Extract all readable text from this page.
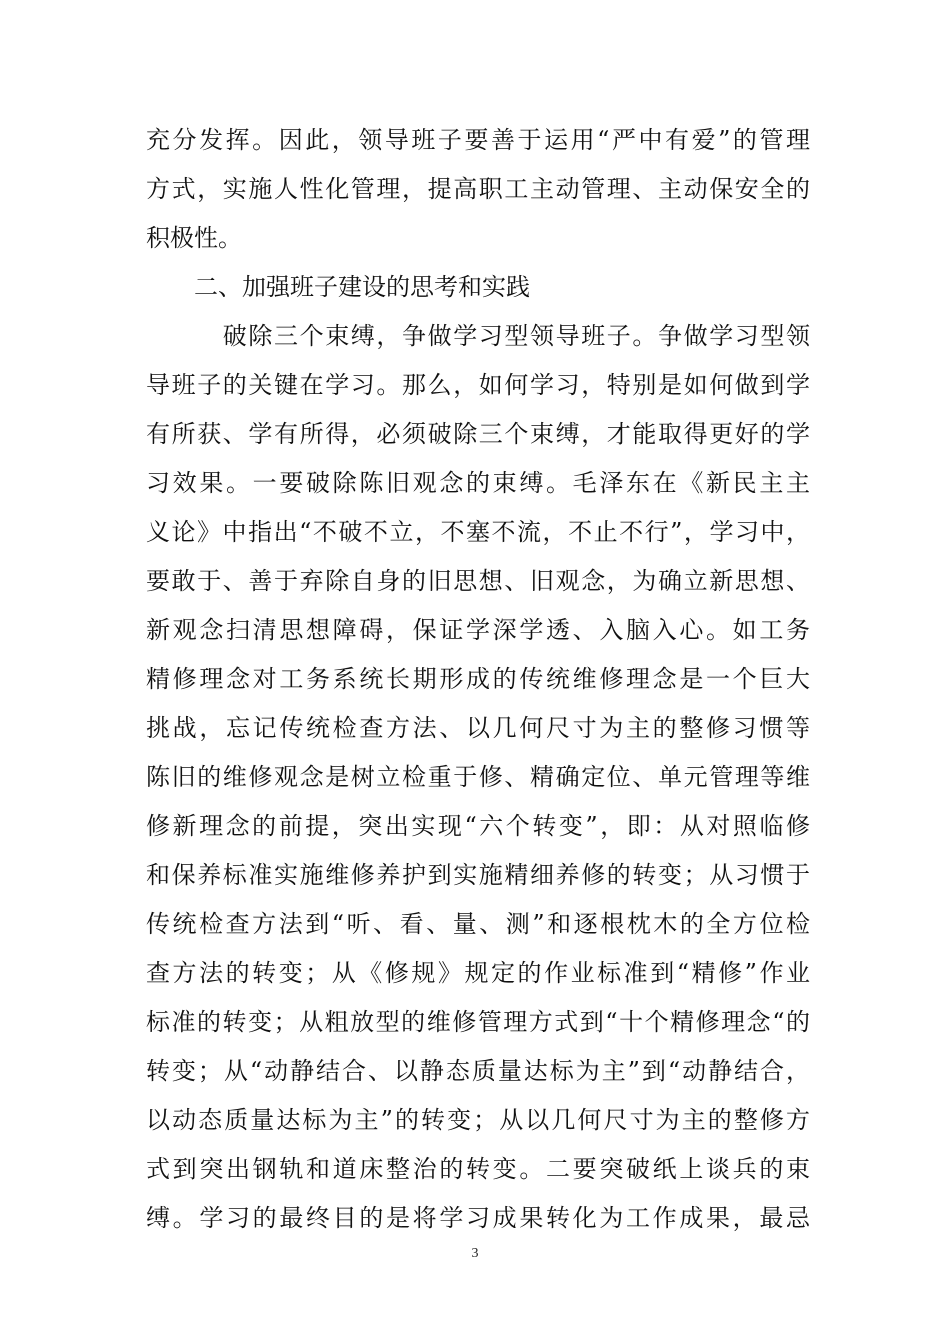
充分发挥。因此，领导班子要善于运用“严中有爱”的管理
方式，实施人性化管理，提高职工主动管理、主动保安全的
积极性。
　　二、加强班子建设的思考和实践
　　　破除三个束缚，争做学习型领导班子。争做学习型领
导班子的关键在学习。那么，如何学习，特别是如何做到学
有所获、学有所得，必须破除三个束缚，才能取得更好的学
习效果。一要破除陈旧观念的束缚。毛泽东在《新民主主
义论》中指出“不破不立，不塞不流，不止不行”，学习中，
要敢于、善于弃除自身的旧思想、旧观念，为确立新思想、
新观念扫清思想障碍，保证学深学透、入脑入心。如工务
精修理念对工务系统长期形成的传统维修理念是一个巨大
挑战，忘记传统检查方法、以几何尺寸为主的整修习惯等
陈旧的维修观念是树立检重于修、精确定位、单元管理等维
修新理念的前提，突出实现“六个转变”，即：从对照临修
和保养标准实施维修养护到实施精细养修的转变；从习惯于
传统检查方法到“听、看、量、测”和逐根枕木的全方位检
查方法的转变；从《修规》规定的作业标准到“精修”作业
标准的转变；从粗放型的维修管理方式到“十个精修理念“的
转变；从“动静结合、以静态质量达标为主”到“动静结合，
以动态质量达标为主”的转变；从以几何尺寸为主的整修方
式到突出钢轨和道床整治的转变。二要突破纸上谈兵的束
缚。学习的最终目的是将学习成果转化为工作成果，最忌
3
